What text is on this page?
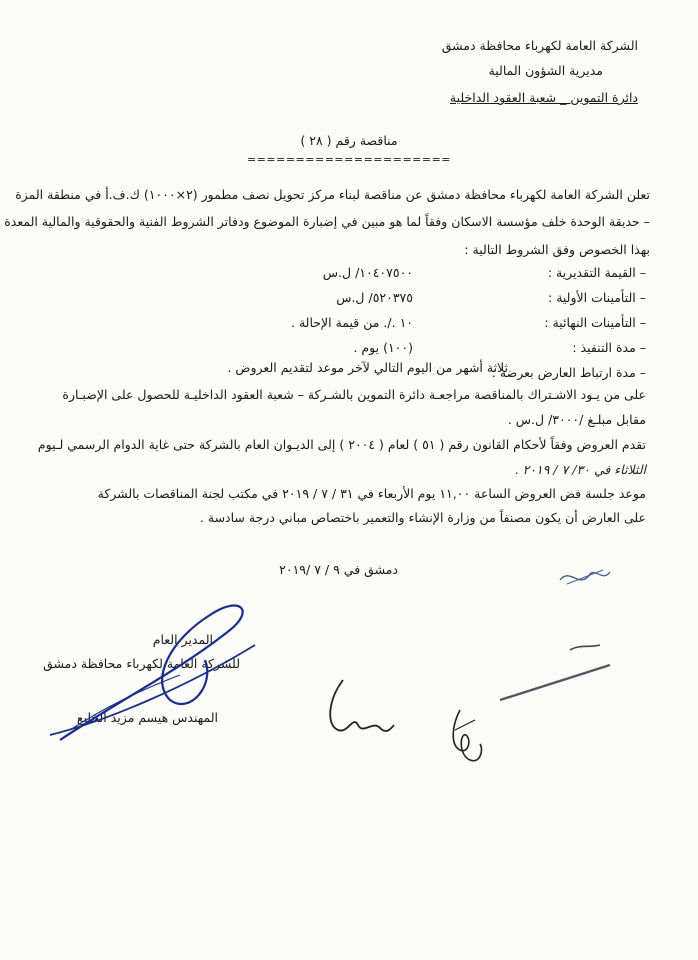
الشركة العامة لكهرباء محافظة دمشق
مديرية الشؤون المالية
دائرة التموين _ شعبة العقود الداخلية
مناقصة رقم ( ٢٨ )
=====================
تعلن الشركة العامة لكهرباء محافظة دمشق عن مناقصة لبناء مركز تحويل نصف مطمور (٢×١٠٠٠) ك.ف.أ في منطقة المزة
– حديقة الوحدة خلف مؤسسة الاسكان وفقاً لما هو مبين في إضبارة الموضوع ودفاتر الشروط الفنية والحقوقية والمالية المعدة
بهذا الخصوص وفق الشروط التالية :
– القيمة التقديرية :
١٠٤٠٧٥٠٠/ ل.س
– التأمينات الأولية :
٥٢٠٣٧٥/ ل.س
– التأمينات النهائية :
١٠ ./. من قيمة الإحالة .
– مدة التنفيذ :
(١٠٠) يوم .
– مدة ارتباط العارض بعرضه :
ثلاثة أشهر من اليوم التالي لآخر موعد لتقديم العروض .
على من يـود الاشـتراك بالمناقصة مراجعـة دائرة التموين بالشـركة – شعبة العقود الداخليـة للحصول على الإضبـارة
مقابل مبلـغ /٣٠٠٠/ ل.س .
تقدم العروض وفقاً لأحكام القانون رقم ( ٥١ ) لعام ( ٢٠٠٤ ) إلى الديـوان العام بالشركة حتى غاية الدوام الرسمي لـيوم
الثلاثاء في ٣٠/ ٧ / ٢٠١٩ .
موعد جلسة فض العروض الساعة ١١,٠٠ يوم الأربعاء في ٣١ / ٧ / ٢٠١٩ في مكتب لجنة المناقصات بالشركة
على العارض أن يكون مصنفاً من وزارة الإنشاء والتعمير باختصاص مباني درجة سادسة .
دمشق في ٩ / ٧ /٢٠١٩
المدير العام
للشركة العامة لكهرباء محافظة دمشق
المهندس هيسم مزيد الخليع
